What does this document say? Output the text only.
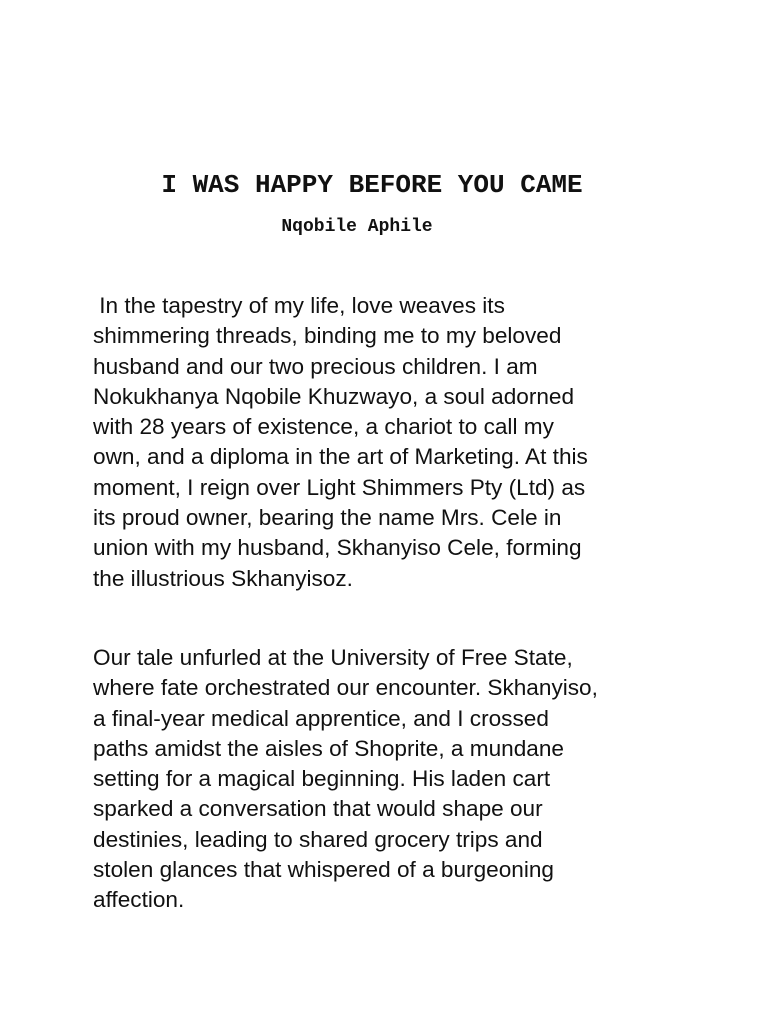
I WAS HAPPY BEFORE YOU CAME
Nqobile Aphile

In the tapestry of my life, love weaves its
shimmering threads, binding me to my beloved
husband and our two precious children. I am
Nokukhanya Nqobile Khuzwayo, a soul adorned
with 28 years of existence, a chariot to call my
own, and a diploma in the art of Marketing. At this
moment, I reign over Light Shimmers Pty (Ltd) as
its proud owner, bearing the name Mrs. Cele in
union with my husband, Skhanyiso Cele, forming
the illustrious Skhanyisoz.

Our tale unfurled at the University of Free State,
where fate orchestrated our encounter. Skhanyiso,
a final-year medical apprentice, and I crossed
paths amidst the aisles of Shoprite, a mundane
setting for a magical beginning. His laden cart
sparked a conversation that would shape our
destinies, leading to shared grocery trips and
stolen glances that whispered of a burgeoning
affection.
